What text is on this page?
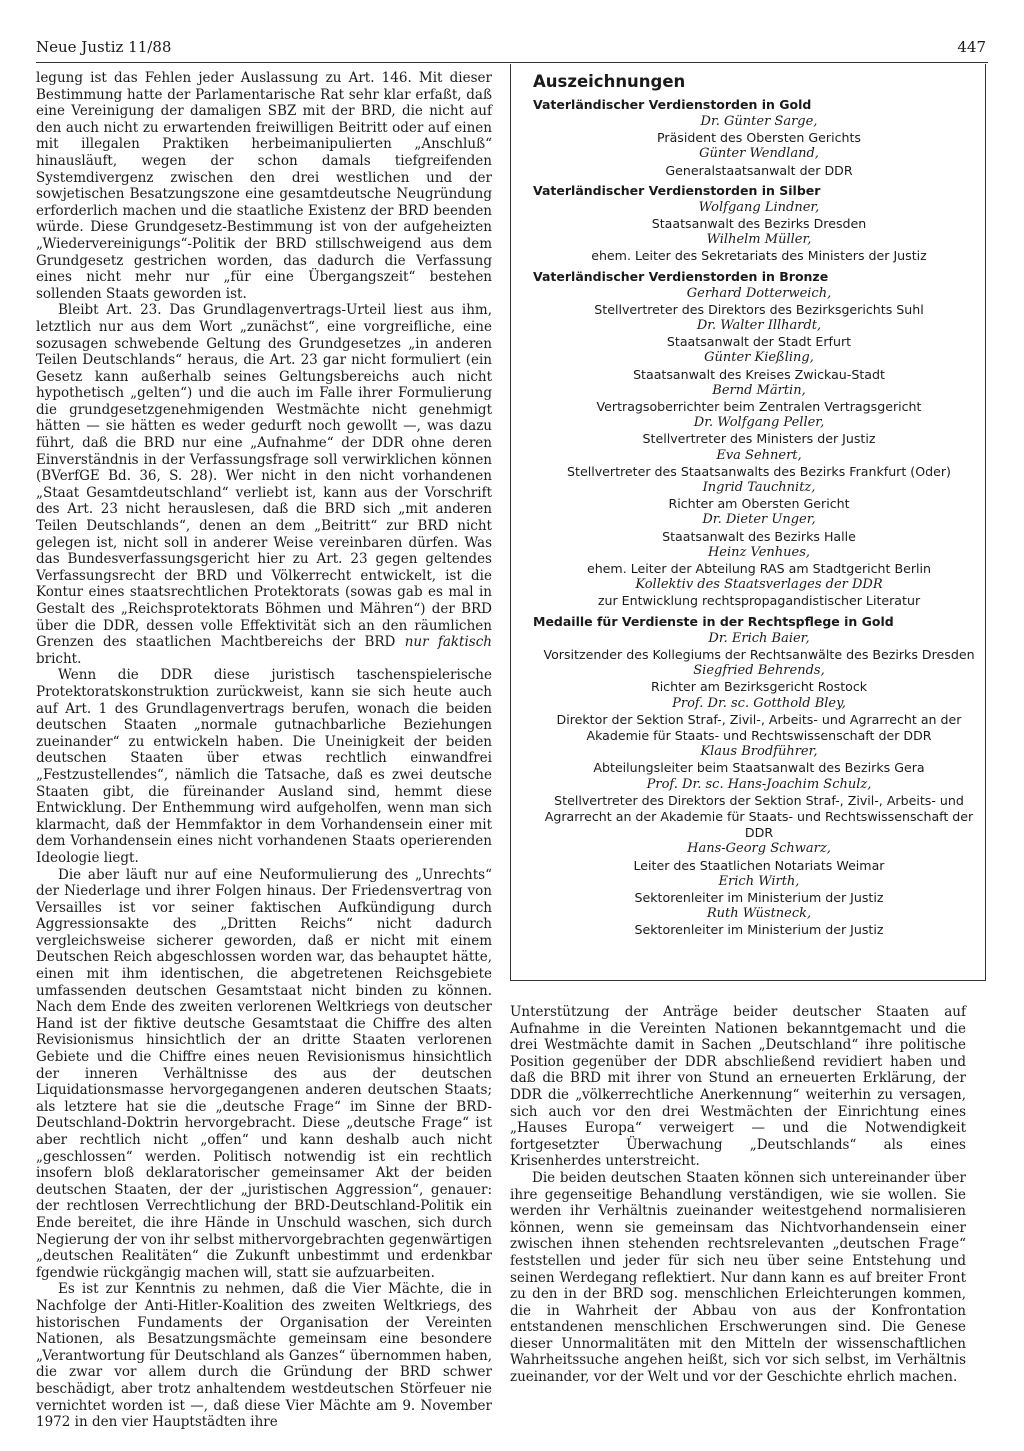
Neue Justiz 11/88	447

legung ist das Fehlen jeder Auslassung zu Art. 146. Mit dieser Bestimmung hatte der Parlamentarische Rat sehr klar erfaßt, daß eine Vereinigung der damaligen SBZ mit der BRD, die nicht auf den auch nicht zu erwartenden freiwilligen Beitritt oder auf einen mit illegalen Praktiken herbeimanipulierten „Anschluß“ hinausläuft, wegen der schon damals tiefgreifenden Systemdivergenz zwischen den drei westlichen und der sowjetischen Besatzungszone eine gesamtdeutsche Neugründung erforderlich machen und die staatliche Existenz der BRD beenden würde. Diese Grundgesetz-Bestimmung ist von der aufgeheizten „Wiedervereinigungs“-Politik der BRD stillschweigend aus dem Grundgesetz gestrichen worden, das dadurch die Verfassung eines nicht mehr nur „für eine Übergangszeit“ bestehen sollenden Staats geworden ist.

Bleibt Art. 23. Das Grundlagenvertrags-Urteil liest aus ihm, letztlich nur aus dem Wort „zunächst“, eine vorgreifliche, eine sozusagen schwebende Geltung des Grundgesetzes „in anderen Teilen Deutschlands“ heraus, die Art. 23 gar nicht formuliert (ein Gesetz kann außerhalb seines Geltungsbereichs auch nicht hypothetisch „gelten“) und die auch im Falle ihrer Formulierung die grundgesetzgenehmigenden Westmächte nicht genehmigt hätten — sie hätten es weder gedurft noch gewollt —, was dazu führt, daß die BRD nur eine „Aufnahme“ der DDR ohne deren Einverständnis in der Verfassungsfrage soll verwirklichen können (BVerfGE Bd. 36, S. 28). Wer nicht in den nicht vorhandenen „Staat Gesamtdeutschland“ verliebt ist, kann aus der Vorschrift des Art. 23 nicht herauslesen, daß die BRD sich „mit anderen Teilen Deutschlands“, denen an dem „Beitritt“ zur BRD nicht gelegen ist, nicht soll in anderer Weise vereinbaren dürfen. Was das Bundesverfassungsgericht hier zu Art. 23 gegen geltendes Verfassungsrecht der BRD und Völkerrecht entwickelt, ist die Kontur eines staatsrechtlichen Protektorats (sowas gab es mal in Gestalt des „Reichsprotektorats Böhmen und Mähren“) der BRD über die DDR, dessen volle Effektivität sich an den räumlichen Grenzen des staatlichen Machtbereichs der BRD nur faktisch bricht.

Wenn die DDR diese juristisch taschenspielerische Protektoratskonstruktion zurückweist, kann sie sich heute auch auf Art. 1 des Grundlagenvertrags berufen, wonach die beiden deutschen Staaten „normale gutnachbarliche Beziehungen zueinander“ zu entwickeln haben. Die Uneinigkeit der beiden deutschen Staaten über etwas rechtlich einwandfrei „Festzustellendes“, nämlich die Tatsache, daß es zwei deutsche Staaten gibt, die füreinander Ausland sind, hemmt diese Entwicklung. Der Enthemmung wird aufgeholfen, wenn man sich klarmacht, daß der Hemmfaktor in dem Vorhandensein einer mit dem Vorhandensein eines nicht vorhandenen Staats operierenden Ideologie liegt.

Die aber läuft nur auf eine Neuformulierung des „Unrechts“ der Niederlage und ihrer Folgen hinaus. Der Friedensvertrag von Versailles ist vor seiner faktischen Aufkündigung durch Aggressionsakte des „Dritten Reichs“ nicht dadurch vergleichsweise sicherer geworden, daß er nicht mit einem Deutschen Reich abgeschlossen worden war, das behauptet hätte, einen mit ihm identischen, die abgetretenen Reichsgebiete umfassenden deutschen Gesamtstaat nicht binden zu können. Nach dem Ende des zweiten verlorenen Weltkriegs von deutscher Hand ist der fiktive deutsche Gesamtstaat die Chiffre des alten Revisionismus hinsichtlich der an dritte Staaten verlorenen Gebiete und die Chiffre eines neuen Revisionismus hinsichtlich der inneren Verhältnisse des aus der deutschen Liquidationsmasse hervorgegangenen anderen deutschen Staats; als letztere hat sie die „deutsche Frage“ im Sinne der BRD-Deutschland-Doktrin hervorgebracht. Diese „deutsche Frage“ ist aber rechtlich nicht „offen“ und kann deshalb auch nicht „geschlossen“ werden. Politisch notwendig ist ein rechtlich insofern bloß deklaratorischer gemeinsamer Akt der beiden deutschen Staaten, der der „juristischen Aggression“, genauer: der rechtlosen Verrechtlichung der BRD-Deutschland-Politik ein Ende bereitet, die ihre Hände in Unschuld waschen, sich durch Negierung der von ihr selbst mithervorgebrachten gegenwärtigen „deutschen Realitäten“ die Zukunft unbestimmt und erdenkbar fgendwie rückgängig machen will, statt sie aufzuarbeiten.

Es ist zur Kenntnis zu nehmen, daß die Vier Mächte, die in Nachfolge der Anti-Hitler-Koalition des zweiten Weltkriegs, des historischen Fundaments der Organisation der Vereinten Nationen, als Besatzungsmächte gemeinsam eine besondere „Verantwortung für Deutschland als Ganzes“ übernommen haben, die zwar vor allem durch die Gründung der BRD schwer beschädigt, aber trotz anhaltendem westdeutschen Störfeuer nie vernichtet worden ist —, daß diese Vier Mächte am 9. November 1972 in den vier Hauptstädten ihre

Auszeichnungen
Vaterländischer Verdienstorden in Gold
Dr. Günter Sarge,
Präsident des Obersten Gerichts
Günter Wendland,
Generalstaatsanwalt der DDR
Vaterländischer Verdienstorden in Silber
Wolfgang Lindner,
Staatsanwalt des Bezirks Dresden
Wilhelm Müller,
ehem. Leiter des Sekretariats des Ministers der Justiz
Vaterländischer Verdienstorden in Bronze
Gerhard Dotterweich,
Stellvertreter des Direktors des Bezirksgerichts Suhl
Dr. Walter Illhardt,
Staatsanwalt der Stadt Erfurt
Günter Kießling,
Staatsanwalt des Kreises Zwickau-Stadt
Bernd Märtin,
Vertragsoberrichter beim Zentralen Vertragsgericht
Dr. Wolfgang Peller,
Stellvertreter des Ministers der Justiz
Eva Sehnert,
Stellvertreter des Staatsanwalts des Bezirks Frankfurt (Oder)
Ingrid Tauchnitz,
Richter am Obersten Gericht
Dr. Dieter Unger,
Staatsanwalt des Bezirks Halle
Heinz Venhues,
ehem. Leiter der Abteilung RAS am Stadtgericht Berlin
Kollektiv des Staatsverlages der DDR
zur Entwicklung rechtspropagandistischer Literatur
Medaille für Verdienste in der Rechtspflege in Gold
Dr. Erich Baier,
Vorsitzender des Kollegiums der Rechtsanwälte des Bezirks Dresden
Siegfried Behrends,
Richter am Bezirksgericht Rostock
Prof. Dr. sc. Gotthold Bley,
Direktor der Sektion Straf-, Zivil-, Arbeits- und Agrarrecht an der Akademie für Staats- und Rechtswissenschaft der DDR
Klaus Brodführer,
Abteilungsleiter beim Staatsanwalt des Bezirks Gera
Prof. Dr. sc. Hans-Joachim Schulz,
Stellvertreter des Direktors der Sektion Straf-, Zivil-, Arbeits- und Agrarrecht an der Akademie für Staats- und Rechtswissenschaft der DDR
Hans-Georg Schwarz,
Leiter des Staatlichen Notariats Weimar
Erich Wirth,
Sektorenleiter im Ministerium der Justiz
Ruth Wüstneck,
Sektorenleiter im Ministerium der Justiz

Unterstützung der Anträge beider deutscher Staaten auf Aufnahme in die Vereinten Nationen bekanntgemacht und die drei Westmächte damit in Sachen „Deutschland“ ihre politische Position gegenüber der DDR abschließend revidiert haben und daß die BRD mit ihrer von Stund an erneuerten Erklärung, der DDR die „völkerrechtliche Anerkennung“ weiterhin zu versagen, sich auch vor den drei Westmächten der Einrichtung eines „Hauses Europa“ verweigert — und die Notwendigkeit fortgesetzter Überwachung „Deutschlands“ als eines Krisenherdes unterstreicht.

Die beiden deutschen Staaten können sich untereinander über ihre gegenseitige Behandlung verständigen, wie sie wollen. Sie werden ihr Verhältnis zueinander weitestgehend normalisieren können, wenn sie gemeinsam das Nichtvorhandensein einer zwischen ihnen stehenden rechtsrelevanten „deutschen Frage“ feststellen und jeder für sich neu über seine Entstehung und seinen Werdegang reflektiert. Nur dann kann es auf breiter Front zu den in der BRD sog. menschlichen Erleichterungen kommen, die in Wahrheit der Abbau von aus der Konfrontation entstandenen menschlichen Erschwerungen sind. Die Genese dieser Unnormalitäten mit den Mitteln der wissenschaftlichen Wahrheitssuche angehen heißt, sich vor sich selbst, im Verhältnis zueinander, vor der Welt und vor der Geschichte ehrlich machen.
